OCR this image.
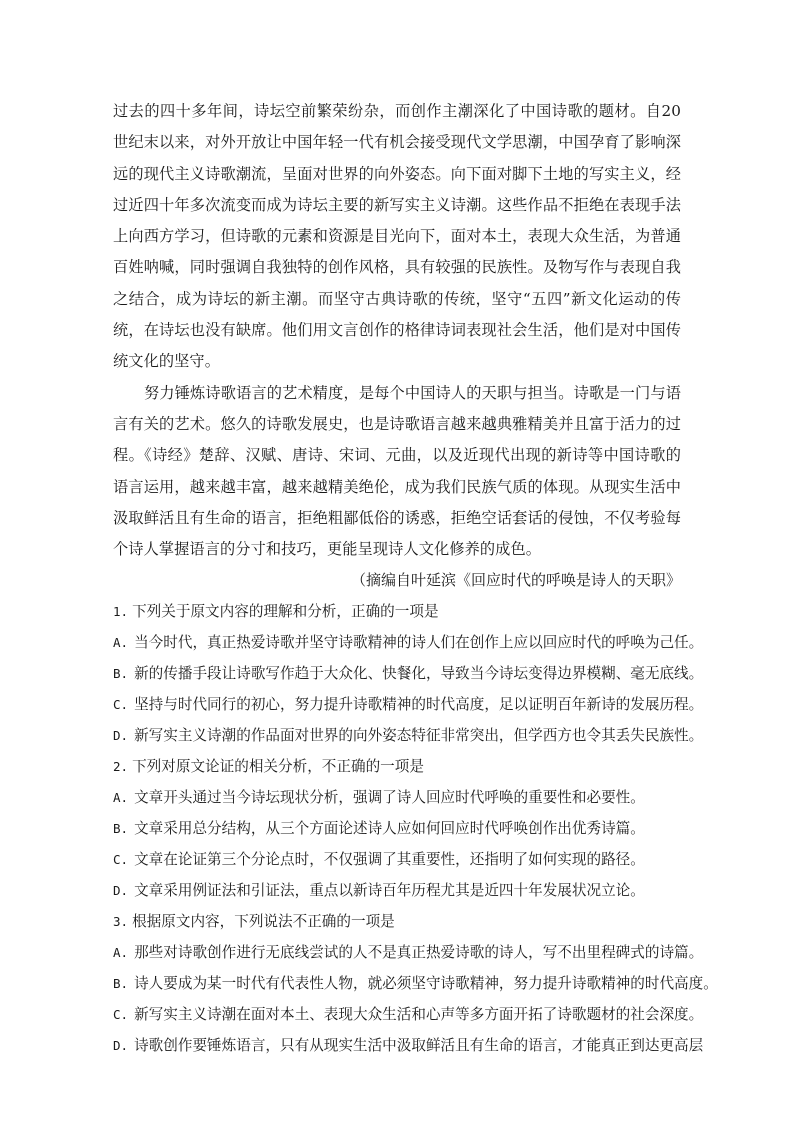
过去的四十多年间，诗坛空前繁荣纷杂，而创作主潮深化了中国诗歌的题材。自20世纪末以来，对外开放让中国年轻一代有机会接受现代文学思潮，中国孕育了影响深远的现代主义诗歌潮流，呈面对世界的向外姿态。向下面对脚下土地的写实主义，经过近四十年多次流变而成为诗坛主要的新写实主义诗潮。这些作品不拒绝在表现手法上向西方学习，但诗歌的元素和资源是目光向下，面对本土，表现大众生活，为普通百姓呐喊，同时强调自我独特的创作风格，具有较强的民族性。及物写作与表现自我之结合，成为诗坛的新主潮。而坚守古典诗歌的传统，坚守“五四”新文化运动的传统，在诗坛也没有缺席。他们用文言创作的格律诗词表现社会生活，他们是对中国传统文化的坚守。

努力锤炼诗歌语言的艺术精度，是每个中国诗人的天职与担当。诗歌是一门与语言有关的艺术。悠久的诗歌发展史，也是诗歌语言越来越典雅精美并且富于活力的过程。《诗经》楚辞、汉赋、唐诗、宋词、元曲，以及近现代出现的新诗等中国诗歌的语言运用，越来越丰富，越来越精美绝伦，成为我们民族气质的体现。从现实生活中汲取鲜活且有生命的语言，拒绝粗鄙低俗的诱惑，拒绝空话套话的侵蚀，不仅考验每个诗人掌握语言的分寸和技巧，更能呈现诗人文化修养的成色。

（摘编自叶延滨《回应时代的呼唤是诗人的天职》

1. 下列关于原文内容的理解和分析，正确的一项是

A. 当今时代，真正热爱诗歌并坚守诗歌精神的诗人们在创作上应以回应时代的呼唤为己任。

B. 新的传播手段让诗歌写作趋于大众化、快餐化，导致当今诗坛变得边界模糊、毫无底线。

C. 坚持与时代同行的初心，努力提升诗歌精神的时代高度，足以证明百年新诗的发展历程。

D. 新写实主义诗潮的作品面对世界的向外姿态特征非常突出，但学西方也令其丢失民族性。

2. 下列对原文论证的相关分析，不正确的一项是

A. 文章开头通过当今诗坛现状分析，强调了诗人回应时代呼唤的重要性和必要性。

B. 文章采用总分结构，从三个方面论述诗人应如何回应时代呼唤创作出优秀诗篇。

C. 文章在论证第三个分论点时，不仅强调了其重要性，还指明了如何实现的路径。

D. 文章采用例证法和引证法，重点以新诗百年历程尤其是近四十年发展状况立论。

3. 根据原文内容，下列说法不正确的一项是

A. 那些对诗歌创作进行无底线尝试的人不是真正热爱诗歌的诗人，写不出里程碑式的诗篇。

B. 诗人要成为某一时代有代表性人物，就必须坚守诗歌精神，努力提升诗歌精神的时代高度。

C. 新写实主义诗潮在面对本土、表现大众生活和心声等多方面开拓了诗歌题材的社会深度。

D. 诗歌创作要锤炼语言，只有从现实生活中汲取鲜活且有生命的语言，才能真正到达更高层
